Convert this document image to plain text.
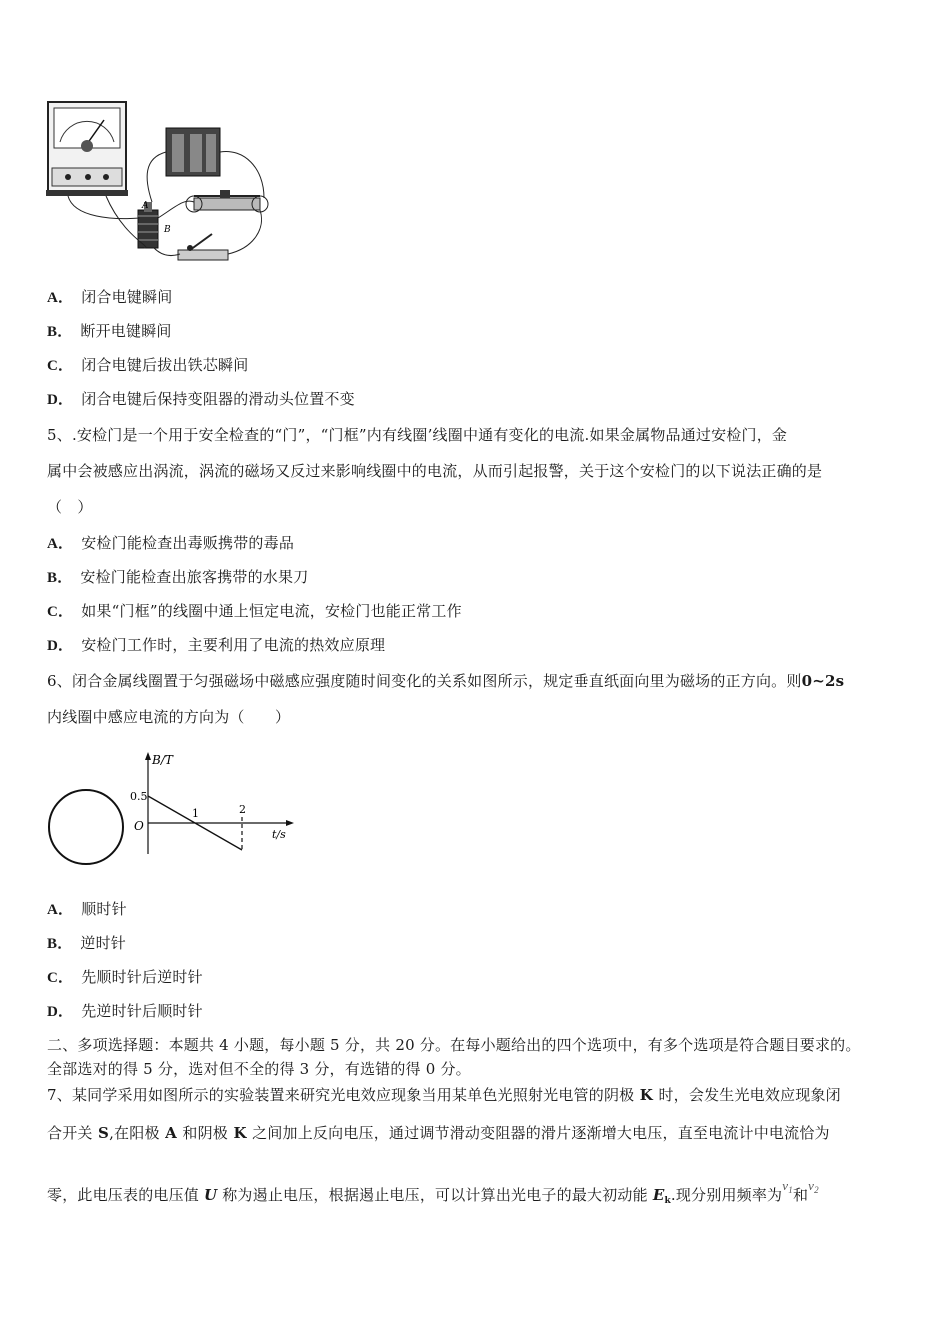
A
B
A． 闭合电键瞬间
B． 断开电键瞬间
C． 闭合电键后拔出铁芯瞬间
D． 闭合电键后保持变阻器的滑动头位置不变
5、.安检门是一个用于安全检查的“门”，“门框”内有线圈’线圈中通有变化的电流.如果金属物品通过安检门，金
属中会被感应出涡流，涡流的磁场又反过来影响线圈中的电流，从而引起报警，关于这个安检门的以下说法正确的是
（　）
A． 安检门能检查出毒贩携带的毒品
B． 安检门能检查出旅客携带的水果刀
C． 如果“门框”的线圈中通上恒定电流，安检门也能正常工作
D． 安检门工作时，主要利用了电流的热效应原理
6、闭合金属线圈置于匀强磁场中磁感应强度随时间变化的关系如图所示，规定垂直纸面向里为磁场的正方向。则0~2s
内线圈中感应电流的方向为（　　）
B/T
t/s
O
0.5
1	2
A． 顺时针
B． 逆时针
C． 先顺时针后逆时针
D． 先逆时针后顺时针
二、多项选择题：本题共 4 小题，每小题 5 分，共 20 分。在每小题给出的四个选项中，有多个选项是符合题目要求的。
全部选对的得 5 分，选对但不全的得 3 分，有选错的得 0 分。
7、某同学采用如图所示的实验装置来研究光电效应现象当用某单色光照射光电管的阴极 K 时，会发生光电效应现象闭
合开关 S,在阳极 A 和阴极 K 之间加上反向电压，通过调节滑动变阻器的滑片逐渐增大电压，直至电流计中电流恰为
零，此电压表的电压值 U 称为遏止电压，根据遏止电压，可以计算出光电子的最大初动能 $E_k$.现分别用频率为$\nu_1$和$\nu_2$
